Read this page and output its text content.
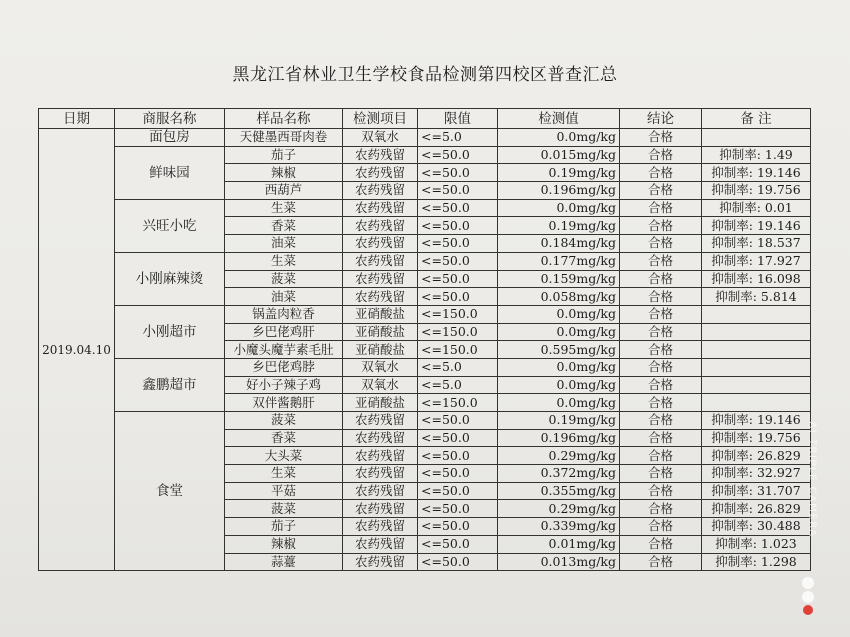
黑龙江省林业卫生学校食品检测第四校区普查汇总
日期	商服名称	样品名称	检测项目	限值	检测值	结论	备 注
2019.04.10	面包房	天健墨西哥肉卷	双氧水	<=5.0	0.0mg/kg	合格	
	鲜味园	茄子	农药残留	<=50.0	0.015mg/kg	合格	抑制率: 1.49
		辣椒	农药残留	<=50.0	0.19mg/kg	合格	抑制率: 19.146
		西葫芦	农药残留	<=50.0	0.196mg/kg	合格	抑制率: 19.756
	兴旺小吃	生菜	农药残留	<=50.0	0.0mg/kg	合格	抑制率: 0.01
		香菜	农药残留	<=50.0	0.19mg/kg	合格	抑制率: 19.146
		油菜	农药残留	<=50.0	0.184mg/kg	合格	抑制率: 18.537
	小刚麻辣烫	生菜	农药残留	<=50.0	0.177mg/kg	合格	抑制率: 17.927
		菠菜	农药残留	<=50.0	0.159mg/kg	合格	抑制率: 16.098
		油菜	农药残留	<=50.0	0.058mg/kg	合格	抑制率: 5.814
	小刚超市	锅盖肉粒香	亚硝酸盐	<=150.0	0.0mg/kg	合格	
		乡巴佬鸡肝	亚硝酸盐	<=150.0	0.0mg/kg	合格	
		小魔头魔芋素毛肚	亚硝酸盐	<=150.0	0.595mg/kg	合格	
	鑫鹏超市	乡巴佬鸡脖	双氧水	<=5.0	0.0mg/kg	合格	
		好小子辣子鸡	双氧水	<=5.0	0.0mg/kg	合格	
		双伴酱鹅肝	亚硝酸盐	<=150.0	0.0mg/kg	合格	
	食堂	菠菜	农药残留	<=50.0	0.19mg/kg	合格	抑制率: 19.146
		香菜	农药残留	<=50.0	0.196mg/kg	合格	抑制率: 19.756
		大头菜	农药残留	<=50.0	0.29mg/kg	合格	抑制率: 26.829
		生菜	农药残留	<=50.0	0.372mg/kg	合格	抑制率: 32.927
		平菇	农药残留	<=50.0	0.355mg/kg	合格	抑制率: 31.707
		菠菜	农药残留	<=50.0	0.29mg/kg	合格	抑制率: 26.829
		茄子	农药残留	<=50.0	0.339mg/kg	合格	抑制率: 30.488
		辣椒	农药残留	<=50.0	0.01mg/kg	合格	抑制率: 1.023
		蒜薹	农药残留	<=50.0	0.013mg/kg	合格	抑制率: 1.298
AI TRIPLE CAMERA
